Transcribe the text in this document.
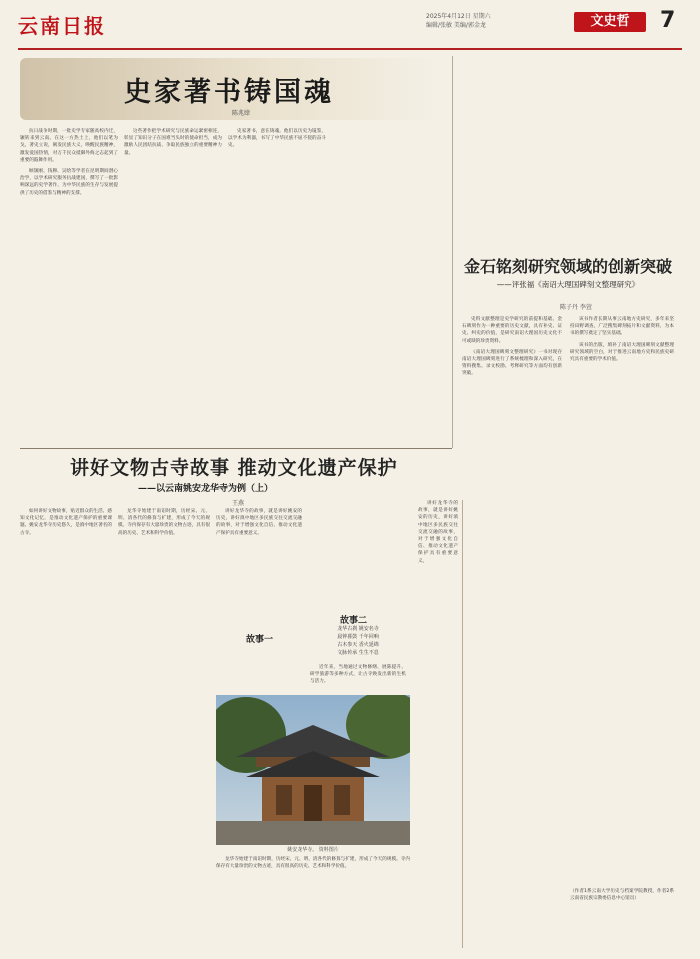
云南日报	2025年4月12日 星期六
编辑/张敏 美编/郭金龙	文史哲	7
史家著书铸国魂
陈兆肆

抗日战争时期，一批史学专家随高校内迁，辗转来到云南。在这一方热土上，他们以笔为戈，著史立说，阐发民族大义，唤醒民族精神，激发爱国热情，对万千民众抵御外侮之志起到了重要的鼓舞作用。

顾颉刚、钱穆、吴晗等学者在昆明期间潜心治学，以学术研究服务抗战建国，撰写了一批影响深远的史学著作，为中华民族的生存与发展提供了历史的借鉴与精神的支撑。

这些著作把学术研究与民族命运紧密相连，彰显了知识分子在国难当头时的使命担当，成为激励人民团结抗战、争取民族独立的重要精神力量。

史家著书，意在铸魂。他们以历史为镜鉴，以学术为利器，书写了中华民族不屈不挠的奋斗史。

金石铭刻研究领域的创新突破
——评张福《南诏大理国碑刻文整理研究》
陈子丹 李萱

史料文献整理是史学研究的前提和基础。金石碑刻作为一种重要的历史文献，具有补史、证史、纠史的价值，是研究南诏大理国历史文化不可或缺的珍贵资料。

《南诏大理国碑刻文整理研究》一书对现存南诏大理国碑刻进行了系统梳理和深入研究，在资料搜集、录文校勘、考释研究等方面均有创新突破。

该书作者长期从事云南地方史研究，多年来坚持田野调查，广泛搜集碑刻拓片和文献资料，为本书的撰写奠定了坚实基础。

该书的出版，填补了南诏大理国碑刻文献整理研究领域的空白，对于推进云南地方史和民族史研究具有重要的学术价值。

（作者1系云南大学历史与档案学院教授，作者2系云南省民族宗教委信息中心馆员）
讲好文物古寺故事 推动文化遗产保护
——以云南姚安龙华寺为例（上）
王燕

如何讲好文物故事，贴近群众的生活、感知文化记忆，是推动文化遗产保护的重要课题。姚安龙华寺历史悠久，是滇中地区著名的古寺。

龙华寺始建于南诏时期，历经宋、元、明、清各代的修葺与扩建，形成了今天的规模。寺内保存有大量珍贵的文物古迹，具有很高的历史、艺术和科学价值。

故事一

讲好龙华寺的故事，就是讲好姚安的历史，讲好滇中地区多民族交往交流交融的故事，对于增强文化自信、推动文化遗产保护具有重要意义。

故事二
龙华古刹 姚安名寺
晨钟暮鼓 千年回响
古木参天 香火延绵
文脉传承 生生不息

近年来，当地通过文物修缮、展陈提升、研学旅游等多种方式，让古寺焕发出新的生机与活力。

姚安龙华寺。 资料图片

龙华寺始建于南诏时期，历经宋、元、明、清各代的修葺与扩建，形成了今天的规模。寺内保存有大量珍贵的文物古迹，具有很高的历史、艺术和科学价值。

讲好龙华寺的故事，就是讲好姚安的历史，讲好滇中地区多民族交往交流交融的故事，对于增强文化自信、推动文化遗产保护具有重要意义。
